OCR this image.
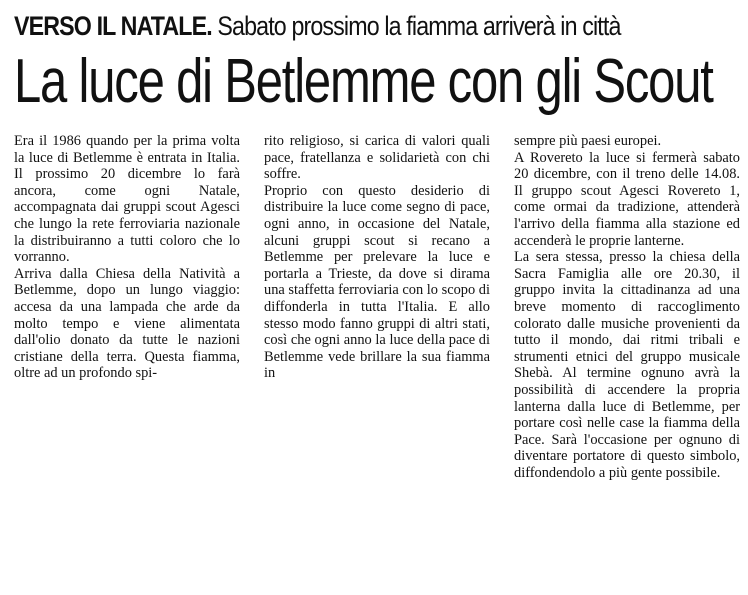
VERSO IL NATALE. Sabato prossimo la fiamma arriverà in città
La luce di Betlemme con gli Scout

Era il 1986 quando per la prima volta la luce di Betlemme è entrata in Italia. Il prossimo 20 dicembre lo farà ancora, come ogni Natale, accompagnata dai gruppi scout Agesci che lungo la rete ferroviaria nazionale la distribuiranno a tutti coloro che lo vorranno.

Arriva dalla Chiesa della Natività a Betlemme, dopo un lungo viaggio: accesa da una lampada che arde da molto tempo e viene alimentata dall'olio donato da tutte le nazioni cristiane della terra. Questa fiamma, oltre ad un profondo spi-

rito religioso, si carica di valori quali pace, fratellanza e solidarietà con chi soffre.

Proprio con questo desiderio di distribuire la luce come segno di pace, ogni anno, in occasione del Natale, alcuni gruppi scout si recano a Betlemme per prelevare la luce e portarla a Trieste, da dove si dirama una staffetta ferroviaria con lo scopo di diffonderla in tutta l'Italia. E allo stesso modo fanno gruppi di altri stati, così che ogni anno la luce della pace di Betlemme vede brillare la sua fiamma in

sempre più paesi europei.

A Rovereto la luce si fermerà sabato 20 dicembre, con il treno delle 14.08. Il gruppo scout Agesci Rovereto 1, come ormai da tradizione, attenderà l'arrivo della fiamma alla stazione ed accenderà le proprie lanterne.

La sera stessa, presso la chiesa della Sacra Famiglia alle ore 20.30, il gruppo invita la cittadinanza ad una breve momento di raccoglimento colorato dalle musiche provenienti da tutto il mondo, dai ritmi tribali e strumenti etnici del gruppo musicale Shebà. Al termine ognuno avrà la possibilità di accendere la propria lanterna dalla luce di Betlemme, per portare così nelle case la fiamma della Pace. Sarà l'occasione per ognuno di diventare portatore di questo simbolo, diffondendolo a più gente possibile.
